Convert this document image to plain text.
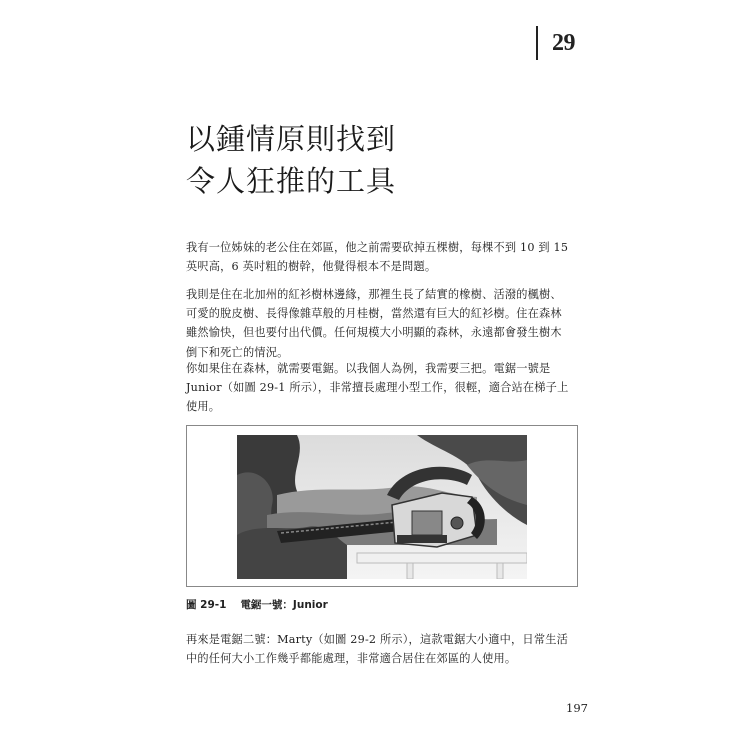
29
以鍾情原則找到
令人狂推的工具
我有一位姊妹的老公住在郊區，他之前需要砍掉五棵樹，每棵不到 10 到 15
英呎高，6 英吋粗的樹幹，他覺得根本不是問題。
我則是住在北加州的紅衫樹林邊緣，那裡生長了結實的橡樹、活潑的楓樹、
可愛的脫皮樹、長得像雜草般的月桂樹，當然還有巨大的紅衫樹。住在森林
雖然愉快，但也要付出代價。任何規模大小明顯的森林，永遠都會發生樹木
倒下和死亡的情況。
你如果住在森林，就需要電鋸。以我個人為例，我需要三把。電鋸一號是
Junior（如圖 29-1 所示），非常擅長處理小型工作，很輕，適合站在梯子上
使用。
圖 29-1 電鋸一號：Junior
再來是電鋸二號：Marty（如圖 29-2 所示），這款電鋸大小適中，日常生活
中的任何大小工作幾乎都能處理，非常適合居住在郊區的人使用。
197
